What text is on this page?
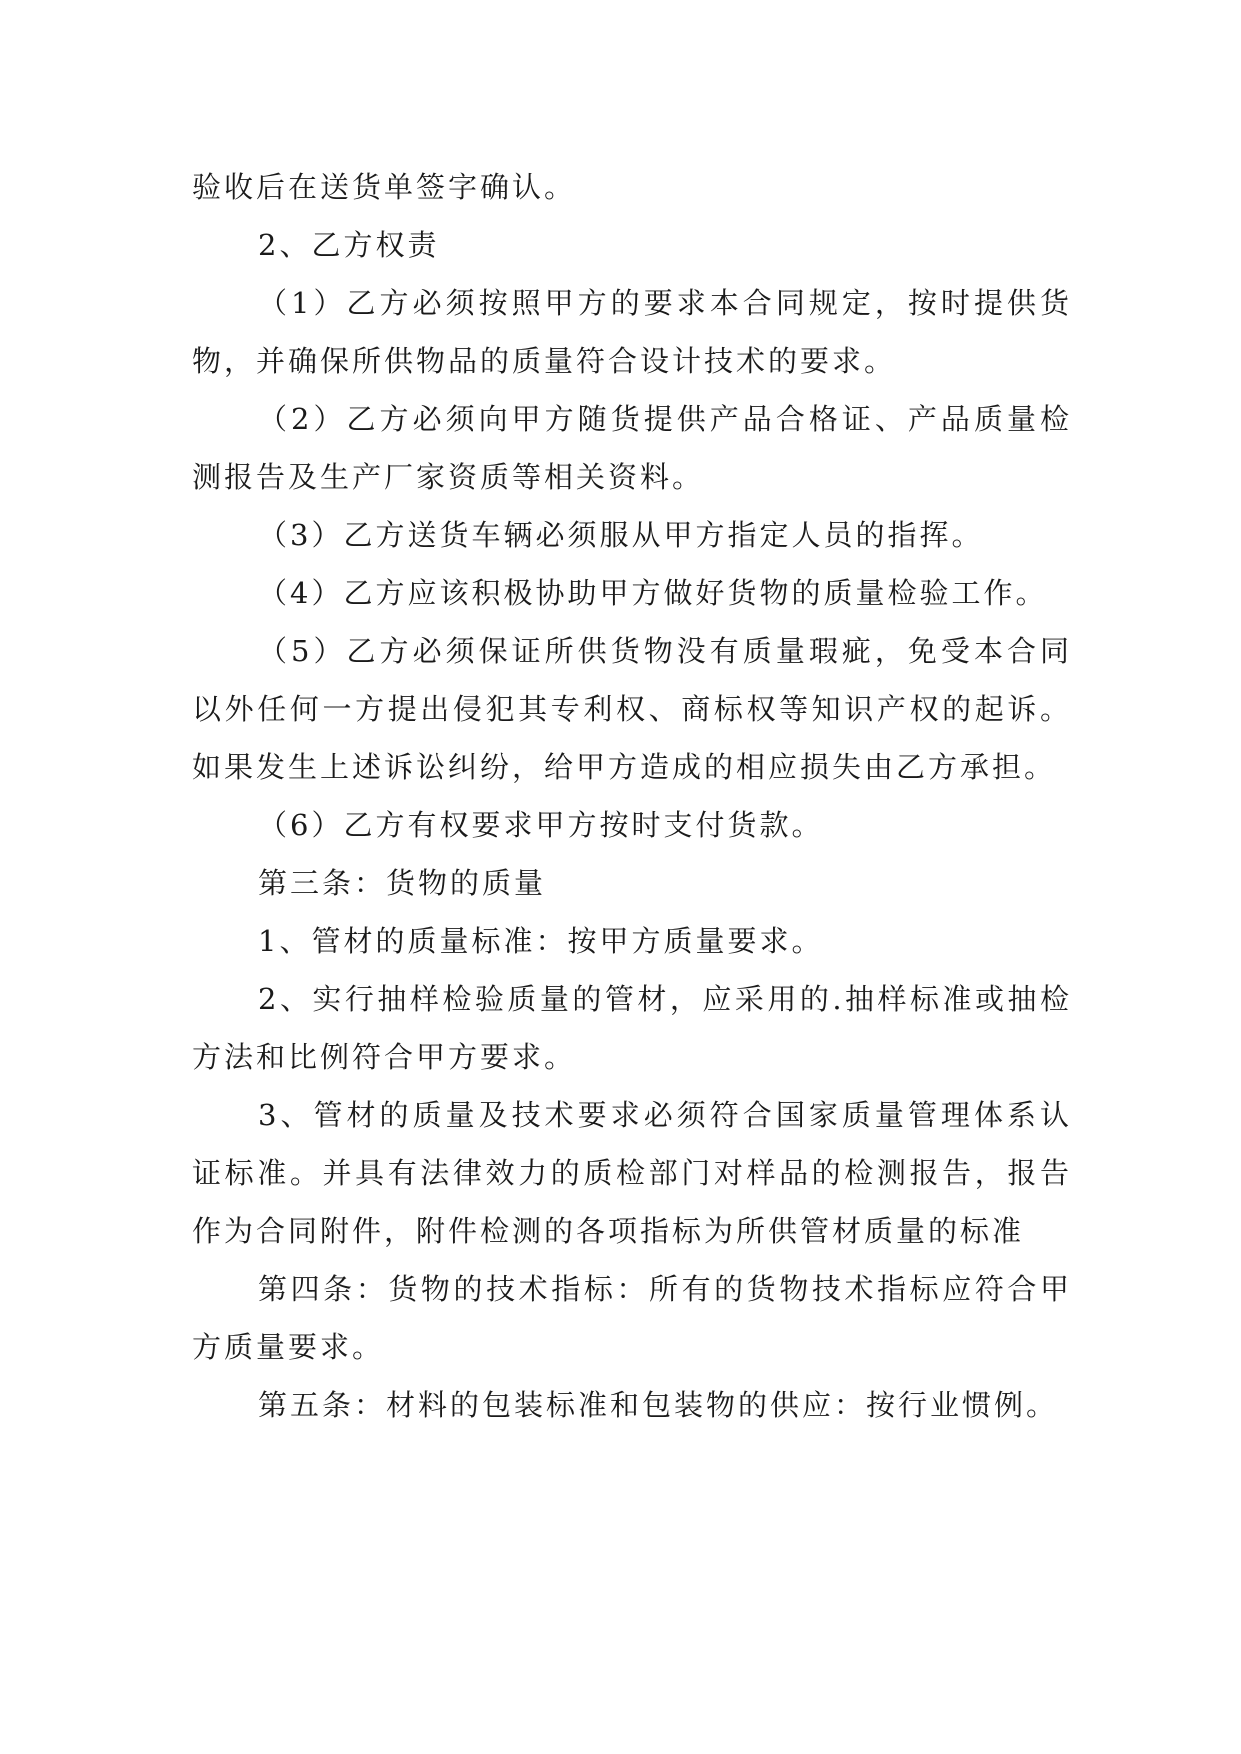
验收后在送货单签字确认。

2、乙方权责

（1）乙方必须按照甲方的要求本合同规定，按时提供货物，并确保所供物品的质量符合设计技术的要求。

（2）乙方必须向甲方随货提供产品合格证、产品质量检测报告及生产厂家资质等相关资料。

（3）乙方送货车辆必须服从甲方指定人员的指挥。

（4）乙方应该积极协助甲方做好货物的质量检验工作。

（5）乙方必须保证所供货物没有质量瑕疵，免受本合同以外任何一方提出侵犯其专利权、商标权等知识产权的起诉。如果发生上述诉讼纠纷，给甲方造成的相应损失由乙方承担。

（6）乙方有权要求甲方按时支付货款。

第三条：货物的质量

1、管材的质量标准：按甲方质量要求。

2、实行抽样检验质量的管材，应采用的.抽样标准或抽检方法和比例符合甲方要求。

3、管材的质量及技术要求必须符合国家质量管理体系认证标准。并具有法律效力的质检部门对样品的检测报告，报告作为合同附件，附件检测的各项指标为所供管材质量的标准

第四条：货物的技术指标：所有的货物技术指标应符合甲方质量要求。

第五条：材料的包装标准和包装物的供应：按行业惯例。
